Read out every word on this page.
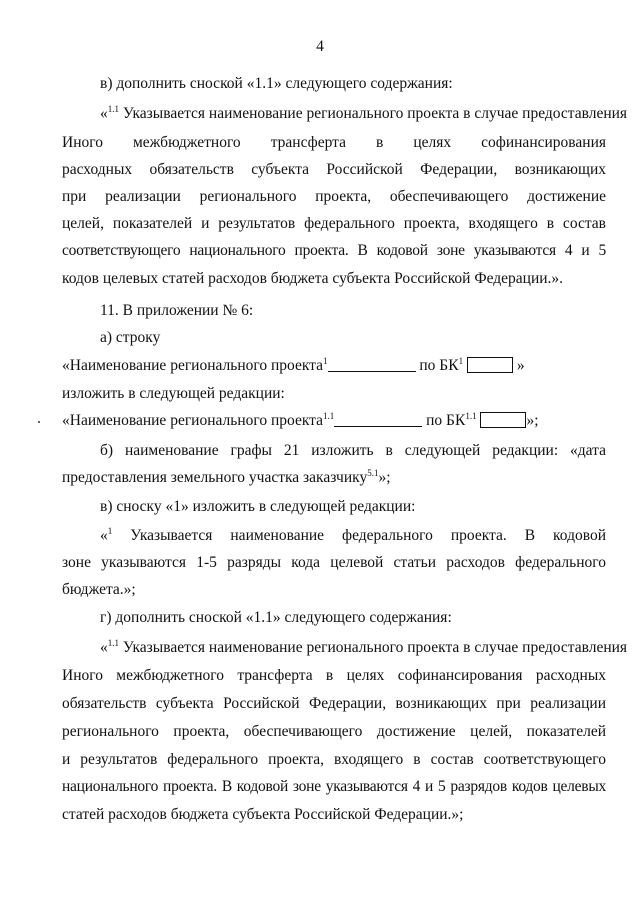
4
в) дополнить сноской «1.1» следующего содержания:
«$^{1.1}$ Указывается наименование регионального проекта в случае предоставления
Иного межбюджетного трансферта в целях софинансирования
расходных обязательств субъекта Российской Федерации, возникающих
при реализации регионального проекта, обеспечивающего достижение
целей, показателей и результатов федерального проекта, входящего в состав
соответствующего национального проекта. В кодовой зоне указываются 4 и 5
кодов целевых статей расходов бюджета субъекта Российской Федерации.».
11. В приложении № 6:
а) строку
«Наименование регионального проекта$^1$	по $БК^1$	»
изложить в следующей редакции:
«Наименование регионального проекта$^{1.1}$	по $БК^{1.1}$	»;
б) наименование графы 21 изложить в следующей редакции: «дата
предоставления земельного участка заказчику$^{5.1}$»;
в) сноску «1» изложить в следующей редакции:
«$^1$ Указывается наименование федерального проекта. В кодовой
зоне указываются 1-5 разряды кода целевой статьи расходов федерального
бюджета.»;
г) дополнить сноской «1.1» следующего содержания:
«$^{1.1}$ Указывается наименование регионального проекта в случае предоставления
Иного межбюджетного трансферта в целях софинансирования расходных
обязательств субъекта Российской Федерации, возникающих при реализации
регионального проекта, обеспечивающего достижение целей, показателей
и результатов федерального проекта, входящего в состав соответствующего
национального проекта. В кодовой зоне указываются 4 и 5 разрядов кодов целевых
статей расходов бюджета субъекта Российской Федерации.»;
